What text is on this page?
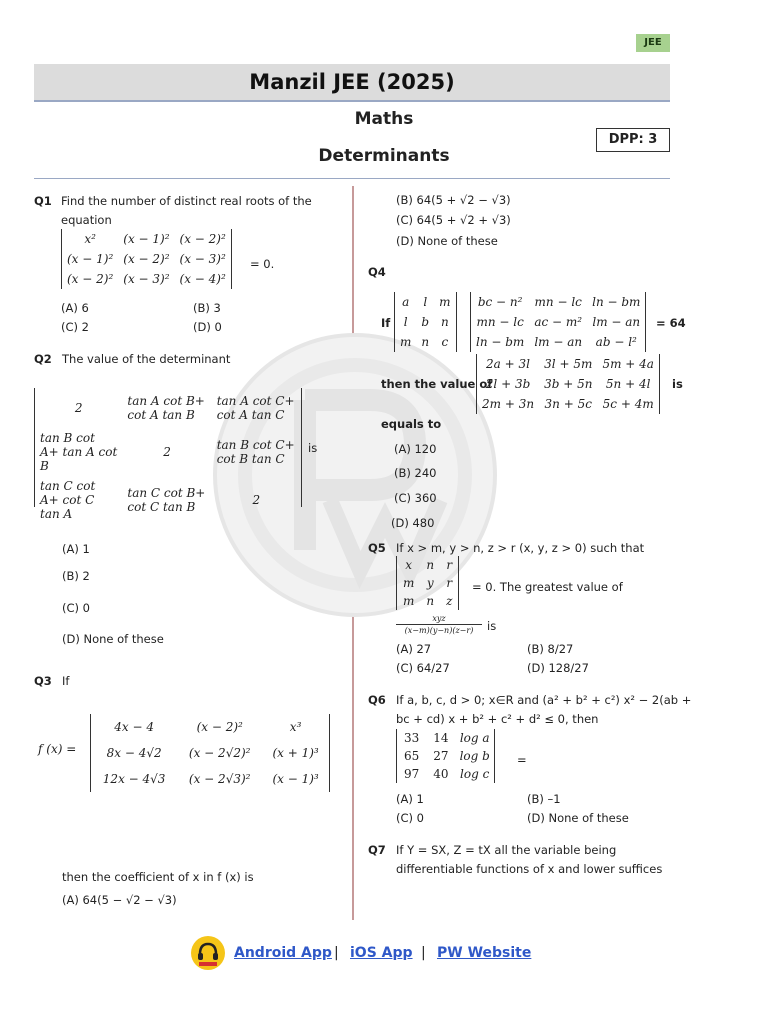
JEE
Manzil JEE (2025)
Maths
Determinants
DPP: 3
Q1 Find the number of distinct real roots of the
equation
x²	(x − 1)²	(x − 2)²
(x − 1)²	(x − 2)²	(x − 3)²
(x − 2)²	(x − 3)²	(x − 4)²
= 0.
(A) 6	(B) 3
(C) 2	(D) 0
Q2 The value of the determinant
2	tan A cot B+ cot A tan B	tan A cot C+ cot A tan C
tan B cot A+ tan A cot B	2	tan B cot C+ cot B tan C
tan C cot A+ cot C tan A	tan C cot B+ cot C tan B	2
is
(A) 1
(B) 2
(C) 0
(D) None of these
Q3 If
f (x) =
4x − 4	(x − 2)²	x³
8x − 4√2	(x − 2√2)²	(x + 1)³
12x − 4√3	(x − 2√3)²	(x − 1)³
then the coefficient of x in f (x) is
(A) 64(5 − √2 − √3)
(B) 64(5 + √2 − √3)
(C) 64(5 + √2 + √3)
(D) None of these
Q4
If
a	l	m
l	b	n
m	n	c
bc − n²	mn − lc	ln − bm
mn − lc	ac − m²	lm − an
ln − bm	lm − an	ab − l²
= 64
then the value of
2a + 3l	3l + 5m	5m + 4a
2l + 3b	3b + 5n	5n + 4l
2m + 3n	3n + 5c	5c + 4m
is
equals to
(A) 120
(B) 240
(C) 360
(D) 480
Q5 If x > m, y > n, z > r (x, y, z > 0) such that
x	n	r
m	y	r
m	n	z
= 0. The greatest value of
xyz
(x−m)(y−n)(z−r)	is
(A) 27	(B) 8/27
(C) 64/27	(D) 128/27
Q6 If a, b, c, d > 0; x∈R and (a² + b² + c²) x² − 2(ab +
bc + cd) x + b² + c² + d² ≤ 0, then
33	14	log a
65	27	log b
97	40	log c
=
(A) 1	(B) –1
(C) 0	(D) None of these
Q7 If Y = SX, Z = tX all the variable being
differentiable functions of x and lower suffices
Android App | iOS App | PW Website
